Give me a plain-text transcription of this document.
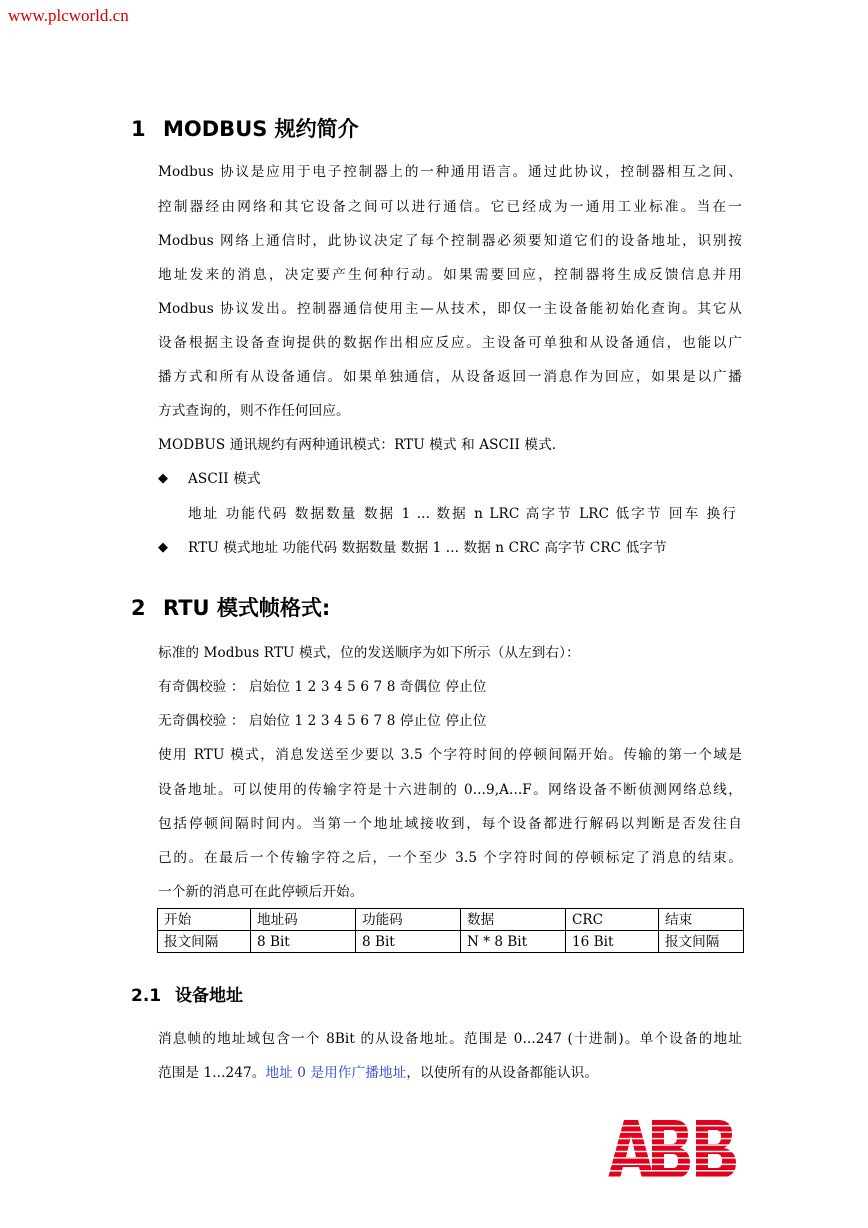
www.plcworld.cn
1 MODBUS 规约简介

Modbus 协议是应用于电子控制器上的一种通用语言。通过此协议，控制器相互之间、

控制器经由网络和其它设备之间可以进行通信。它已经成为一通用工业标准。当在一

Modbus 网络上通信时，此协议决定了每个控制器必须要知道它们的设备地址，识别按

地址发来的消息，决定要产生何种行动。如果需要回应，控制器将生成反馈信息并用

Modbus 协议发出。控制器通信使用主—从技术，即仅一主设备能初始化查询。其它从

设备根据主设备查询提供的数据作出相应反应。主设备可单独和从设备通信，也能以广

播方式和所有从设备通信。如果单独通信，从设备返回一消息作为回应，如果是以广播

方式查询的，则不作任何回应。

MODBUS 通讯规约有两种通讯模式：RTU 模式 和 ASCII 模式.

◆ ASCII 模式

地址 功能代码 数据数量 数据 1 ... 数据 n LRC 高字节 LRC 低字节 回车 换行

◆ RTU 模式地址 功能代码 数据数量 数据 1 ... 数据 n CRC 高字节 CRC 低字节

2 RTU 模式帧格式:

标准的 Modbus RTU 模式，位的发送顺序为如下所示（从左到右）：

有奇偶校验 ： 启始位 1 2 3 4 5 6 7 8 奇偶位 停止位

无奇偶校验 ： 启始位 1 2 3 4 5 6 7 8 停止位 停止位

使用 RTU 模式，消息发送至少要以 3.5 个字符时间的停顿间隔开始。传输的第一个域是

设备地址。可以使用的传输字符是十六进制的 0...9,A...F。网络设备不断侦测网络总线，

包括停顿间隔时间内。当第一个地址域接收到，每个设备都进行解码以判断是否发往自

己的。在最后一个传输字符之后，一个至少 3.5 个字符时间的停顿标定了消息的结束。

一个新的消息可在此停顿后开始。

开始	地址码	功能码	数据	CRC	结束
报文间隔	8 Bit	8 Bit	N * 8 Bit	16 Bit	报文间隔
2.1 设备地址

消息帧的地址域包含一个 8Bit 的从设备地址。范围是 0...247 (十进制)。单个设备的地址

范围是 1...247。地址 0 是用作广播地址，以使所有的从设备都能认识。
